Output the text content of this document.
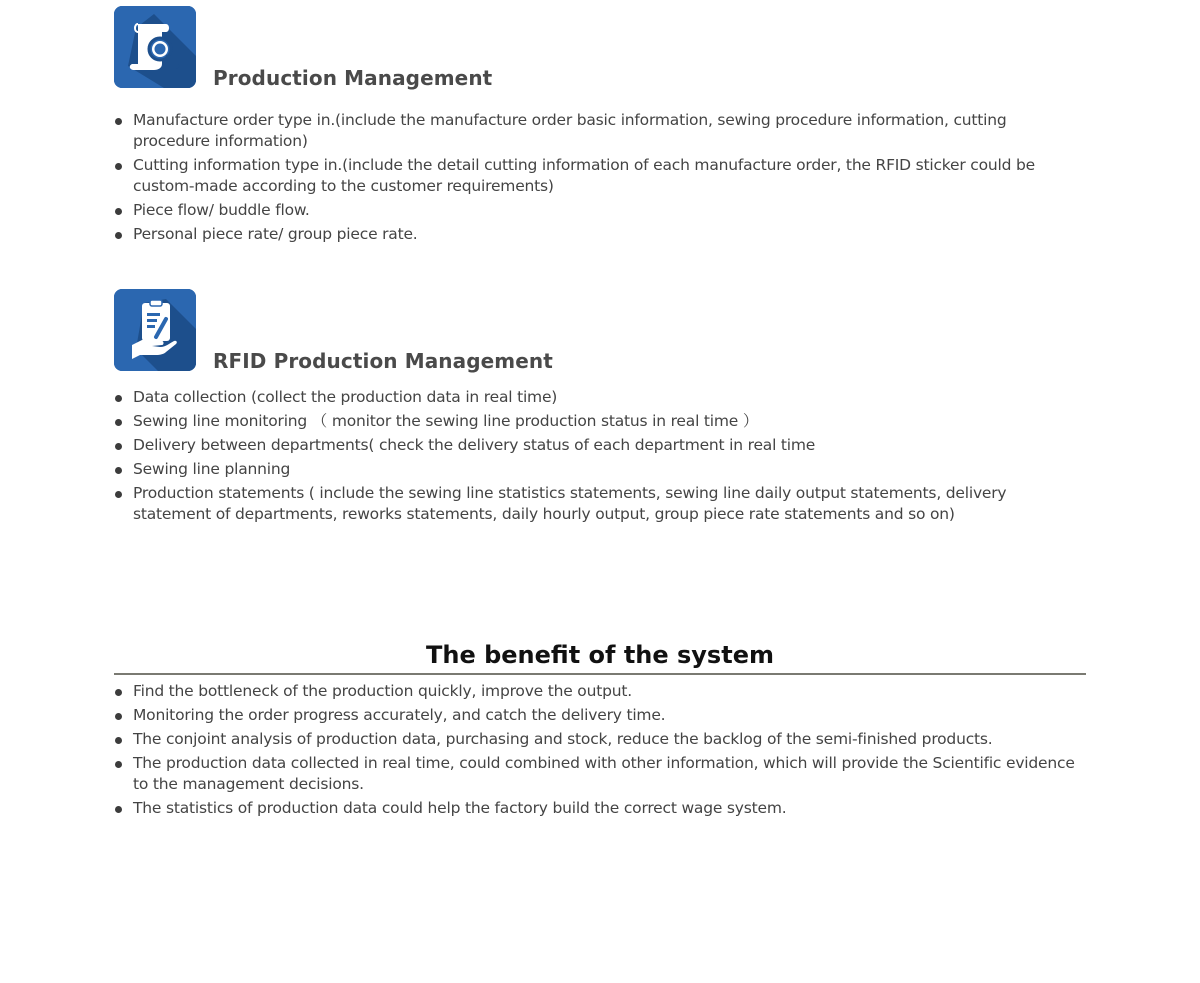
Production Management
Manufacture order type in.(include the manufacture order basic information, sewing procedure information, cutting procedure information)
Cutting information type in.(include the detail cutting information of each manufacture order, the RFID sticker could be custom-made according to the customer requirements)
Piece flow/ buddle flow.
Personal piece rate/ group piece rate.
RFID Production Management
Data collection (collect the production data in real time)
Sewing line monitoring （ monitor the sewing line production status in real time ）
Delivery between departments( check the delivery status of each department in real time
Sewing line planning
Production statements ( include the sewing line statistics statements, sewing line daily output statements, delivery statement of departments, reworks statements, daily hourly output, group piece rate statements and so on)
The benefit of the system
Find the bottleneck of the production quickly, improve the output.
Monitoring the order progress accurately, and catch the delivery time.
The conjoint analysis of production data, purchasing and stock, reduce the backlog of the semi-finished products.
The production data collected in real time, could combined with other information, which will provide the Scientific evidence to the management decisions.
The statistics of production data could help the factory build the correct wage system.
